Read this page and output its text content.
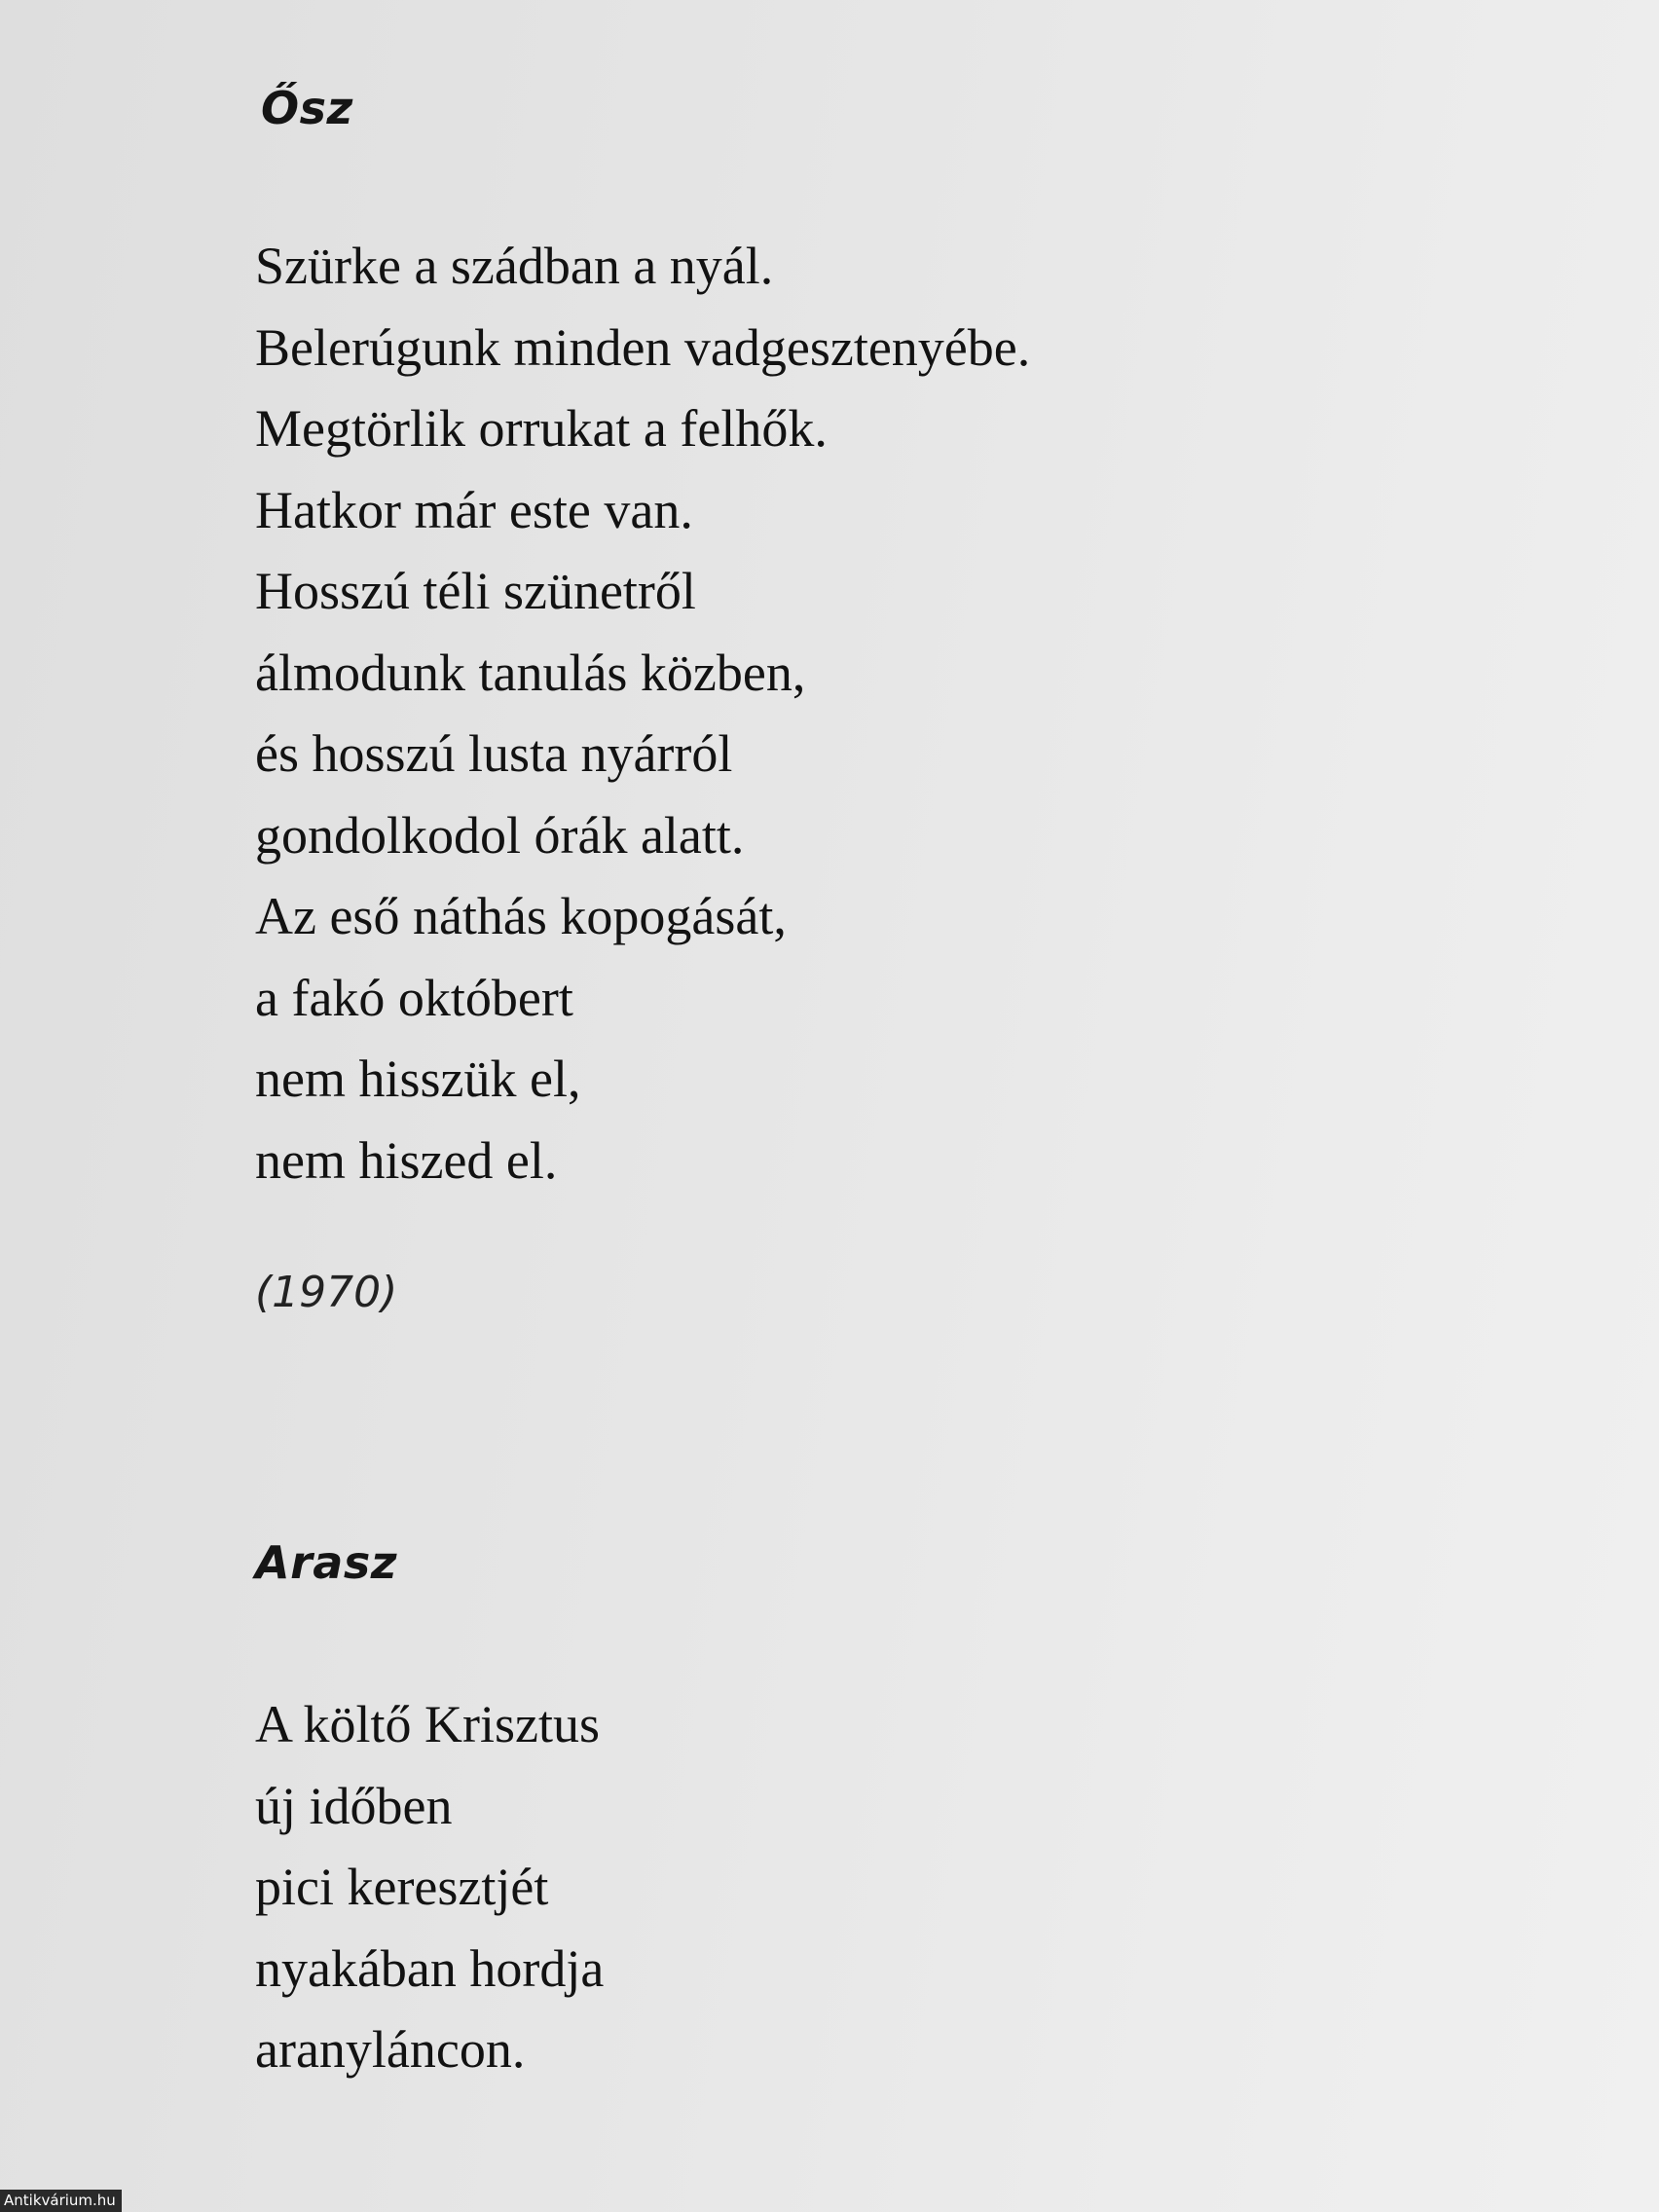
Ősz
Szürke a szádban a nyál.
Belerúgunk minden vadgesztenyébe.
Megtörlik orrukat a felhők.
Hatkor már este van.
Hosszú téli szünetről
álmodunk tanulás közben,
és hosszú lusta nyárról
gondolkodol órák alatt.
Az eső náthás kopogását,
a fakó októbert
nem hisszük el,
nem hiszed el.

(1970)

Arasz
A költő Krisztus
új időben
pici keresztjét
nyakában hordja
aranyláncon.
Antikvárium.hu
